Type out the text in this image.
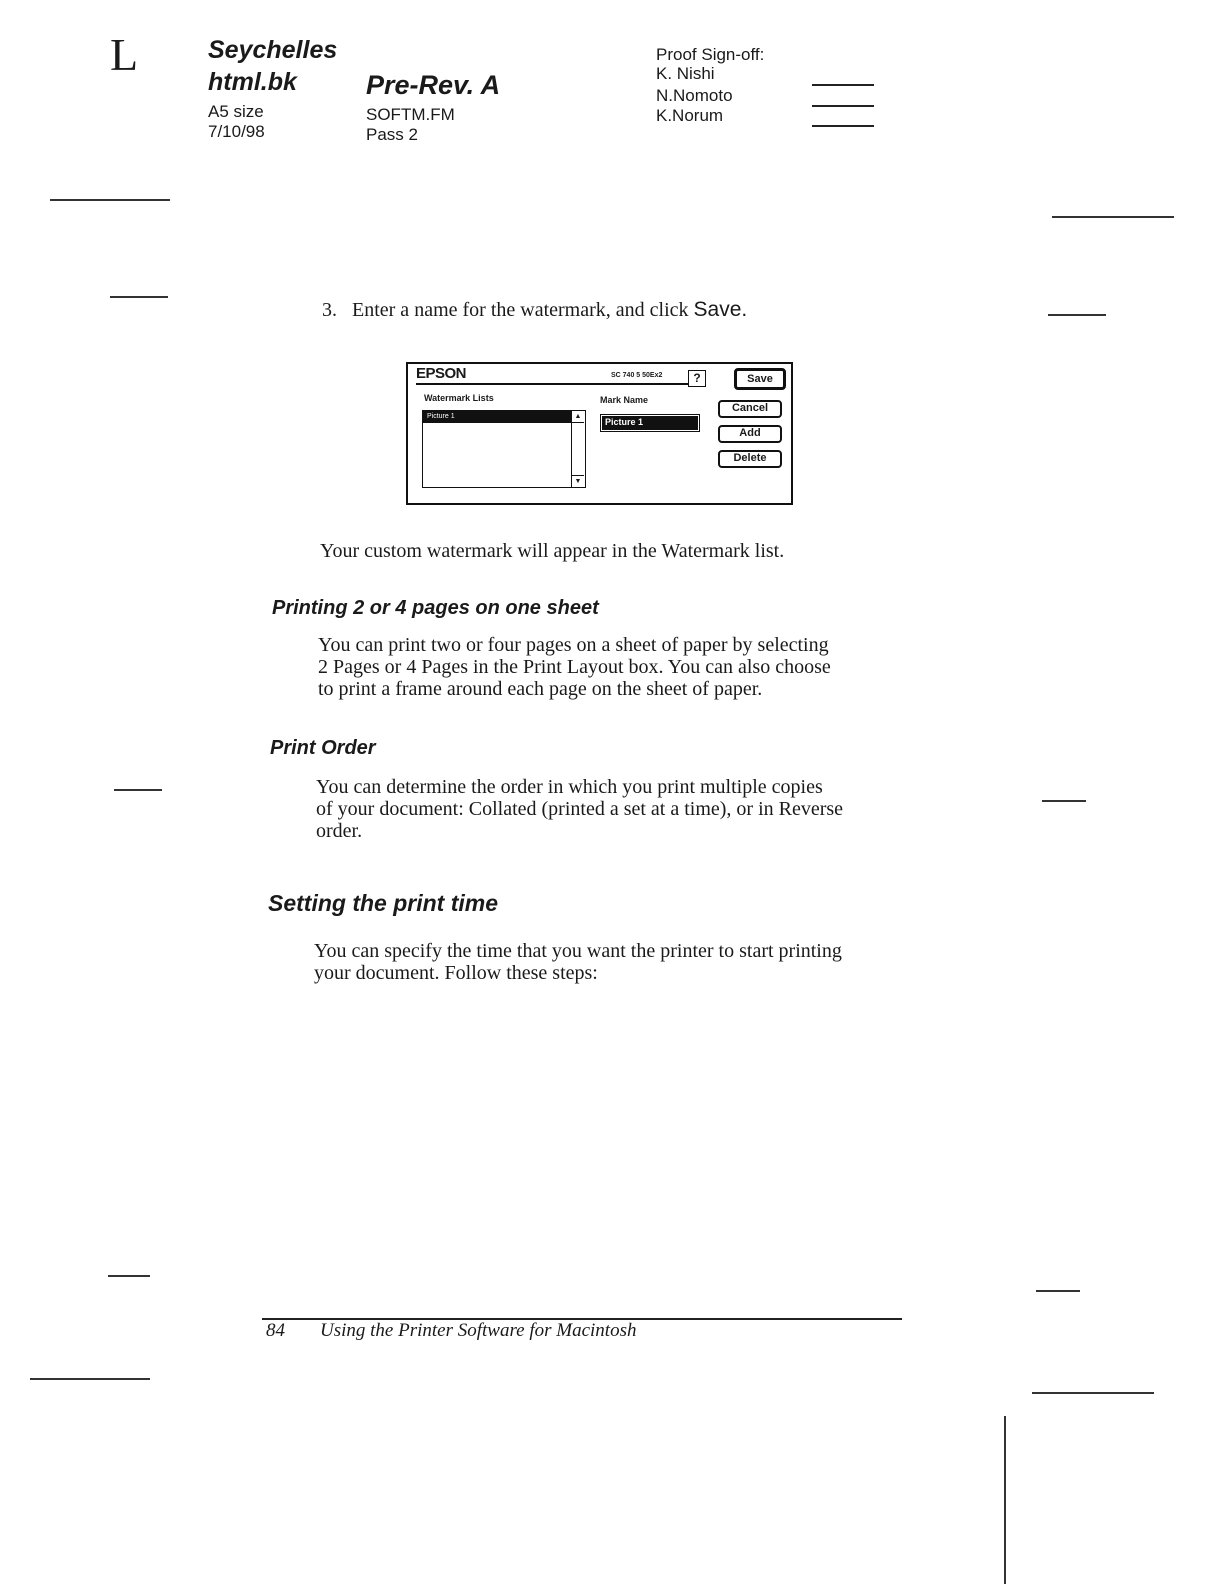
L	Seychelles
html.bk	Pre-Rev. A
A5 size
7/10/98
SOFTM.FM
Pass 2
Proof Sign-off:
K. Nishi
N.Nomoto
K.Norum
3. Enter a name for the watermark, and click Save.
EPSON	SC 740 5 50Ex2	?
Watermark Lists	Mark Name
Picture 1	▲
▼
Picture 1
Save
Cancel
Add
Delete
Your custom watermark will appear in the Watermark list.
Printing 2 or 4 pages on one sheet
You can print two or four pages on a sheet of paper by selecting
2 Pages or 4 Pages in the Print Layout box. You can also choose
to print a frame around each page on the sheet of paper.
Print Order
You can determine the order in which you print multiple copies
of your document: Collated (printed a set at a time), or in Reverse
order.
Setting the print time
You can specify the time that you want the printer to start printing
your document. Follow these steps:
84 Using the Printer Software for Macintosh
